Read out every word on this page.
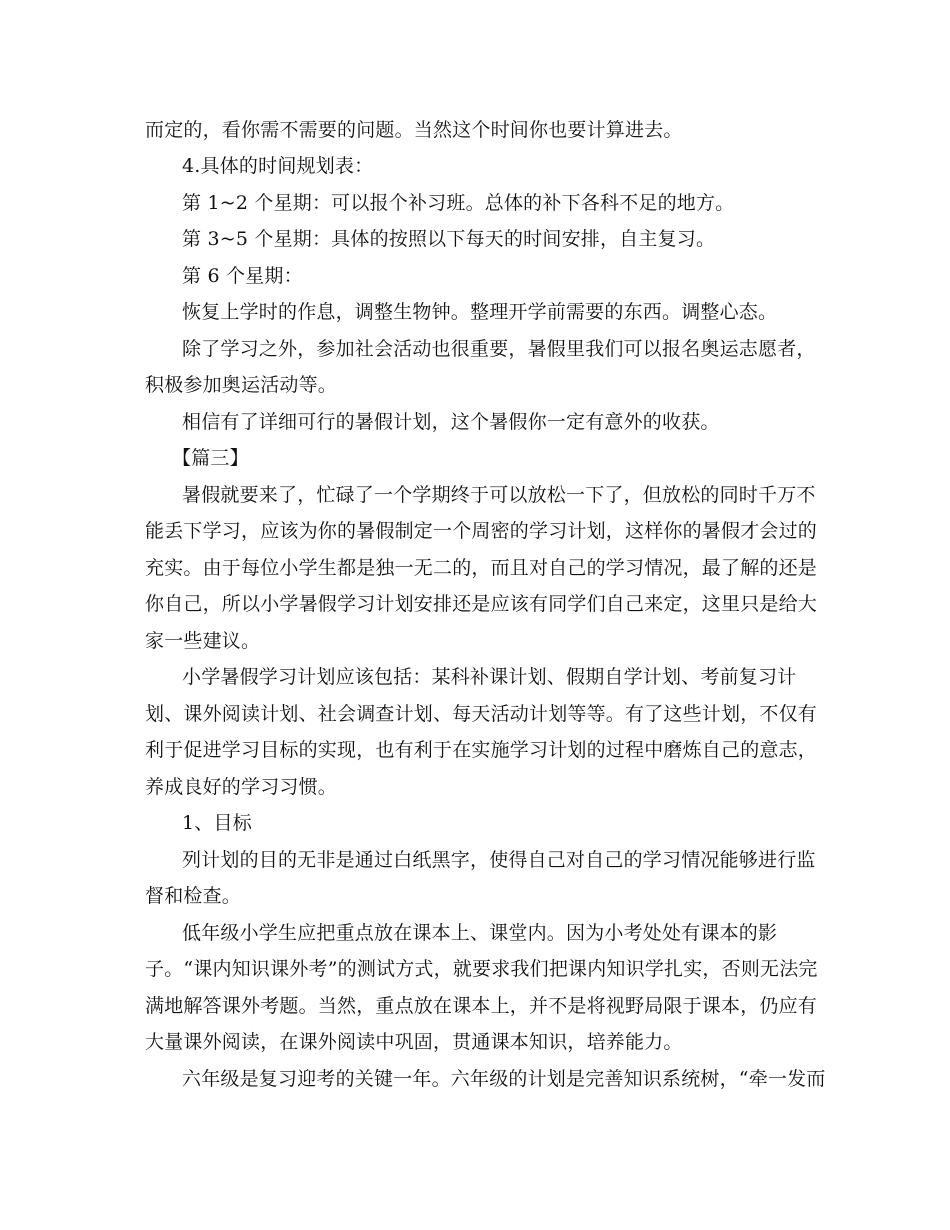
而定的，看你需不需要的问题。当然这个时间你也要计算进去。
4.具体的时间规划表：
第 1~2 个星期：可以报个补习班。总体的补下各科不足的地方。
第 3~5 个星期：具体的按照以下每天的时间安排，自主复习。
第 6 个星期：
恢复上学时的作息，调整生物钟。整理开学前需要的东西。调整心态。
除了学习之外，参加社会活动也很重要，暑假里我们可以报名奥运志愿者，
积极参加奥运活动等。
相信有了详细可行的暑假计划，这个暑假你一定有意外的收获。
【篇三】
暑假就要来了，忙碌了一个学期终于可以放松一下了，但放松的同时千万不
能丢下学习，应该为你的暑假制定一个周密的学习计划，这样你的暑假才会过的
充实。由于每位小学生都是独一无二的，而且对自己的学习情况，最了解的还是
你自己，所以小学暑假学习计划安排还是应该有同学们自己来定，这里只是给大
家一些建议。
小学暑假学习计划应该包括：某科补课计划、假期自学计划、考前复习计
划、课外阅读计划、社会调查计划、每天活动计划等等。有了这些计划，不仅有
利于促进学习目标的实现，也有利于在实施学习计划的过程中磨炼自己的意志，
养成良好的学习习惯。
1、目标
列计划的目的无非是通过白纸黑字，使得自己对自己的学习情况能够进行监
督和检查。
低年级小学生应把重点放在课本上、课堂内。因为小考处处有课本的影
子。“课内知识课外考”的测试方式，就要求我们把课内知识学扎实，否则无法完
满地解答课外考题。当然，重点放在课本上，并不是将视野局限于课本，仍应有
大量课外阅读，在课外阅读中巩固，贯通课本知识，培养能力。
六年级是复习迎考的关键一年。六年级的计划是完善知识系统树，“牵一发而
